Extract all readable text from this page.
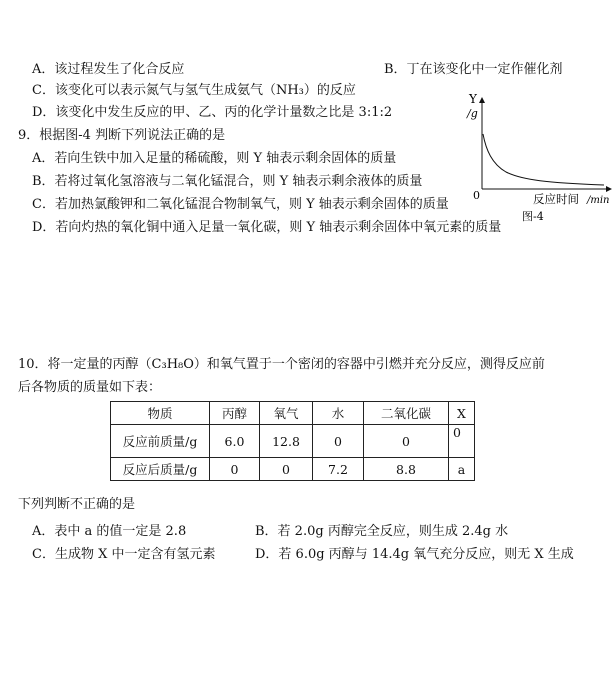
A．该过程发生了化合反应	B．丁在该变化中一定作催化剂
C．该变化可以表示氮气与氢气生成氨气（NH₃）的反应
D．该变化中发生反应的甲、乙、丙的化学计量数之比是 3:1:2
9．根据图-4 判断下列说法正确的是
A．若向生铁中加入足量的稀硫酸，则 Y 轴表示剩余固体的质量
B．若将过氧化氢溶液与二氧化锰混合，则 Y 轴表示剩余液体的质量
C．若加热氯酸钾和二氧化锰混合物制氧气，则 Y 轴表示剩余固体的质量
D．若向灼热的氧化铜中通入足量一氧化碳，则 Y 轴表示剩余固体中氧元素的质量
Y
/g
0	反应时间 /min
图-4
10．将一定量的丙醇（C₃H₈O）和氧气置于一个密闭的容器中引燃并充分反应，测得反应前
后各物质的质量如下表：
物质	丙醇	氧气	水	二氧化碳	X
反应前质量/g	6.0	12.8	0	0	0
反应后质量/g	0	0	7.2	8.8	a
下列判断不正确的是
A．表中 a 的值一定是 2.8	B．若 2.0g 丙醇完全反应，则生成 2.4g 水
C．生成物 X 中一定含有氢元素	D．若 6.0g 丙醇与 14.4g 氧气充分反应，则无 X 生成
